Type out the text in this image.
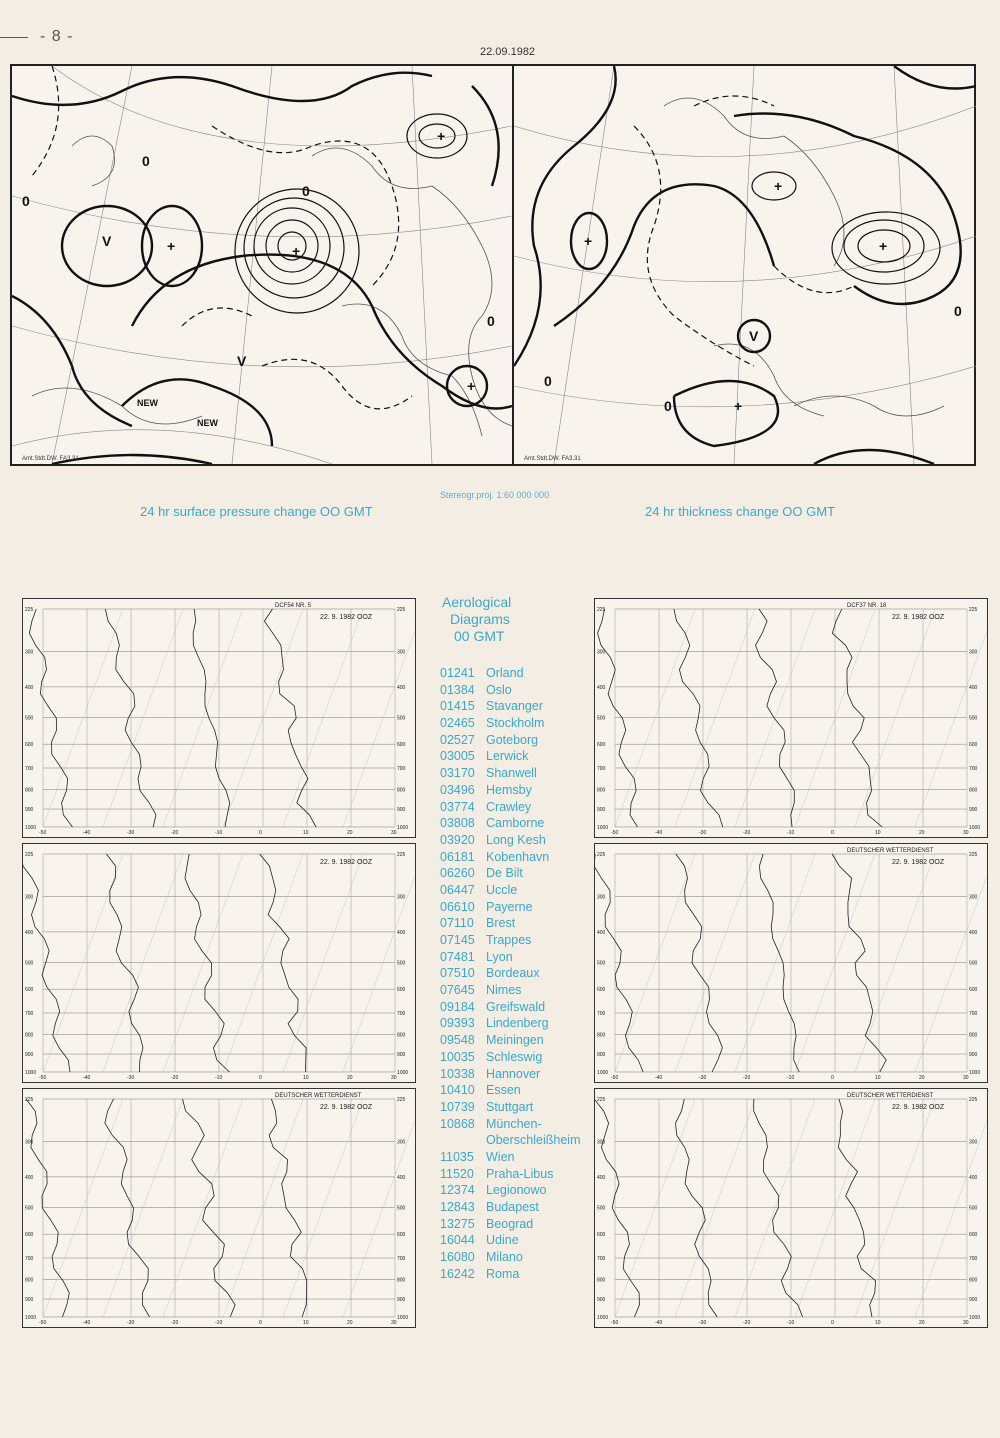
- 8 -
22.09.1982
V	+	+
+
V
+
NEW
NEW
0
0
0
0
Amt.Stdt.DW. FA3.31
+
V
+
+
+
0
0
0
Amt.Stdt.DW. FA3.31
24 hr surface pressure change OO GMT
Stereogr.proj. 1:60 000 000
24 hr thickness change OO GMT
225	225
300	300
400	400
500	500
600	600
700	700
800	800
900	900
1000	1000
-50	-40	-30	-20	-10	0	10	20	30
DCF54 NR. 5
22. 9. 1982 OOZ
225	225
300	300
400	400
500	500
600	600
700	700
800	800
900	900
1000	1000
-50	-40	-30	-20	-10	0	10	20	30
22. 9. 1982 OOZ
225	225
300	300
400	400
500	500
600	600
700	700
800	800
900	900
1000	1000
-50	-40	-30	-20	-10	0	10	20	30
DEUTSCHER WETTERDIENST
22. 9. 1982 OOZ
225	225
300	300
400	400
500	500
600	600
700	700
800	800
900	900
1000	1000
-50	-40	-30	-20	-10	0	10	20	30
DCF37 NR. 18
22. 9. 1982 OOZ
225	225
300	300
400	400
500	500
600	600
700	700
800	800
900	900
1000	1000
-50	-40	-30	-20	-10	0	10	20	30
DEUTSCHER WETTERDIENST
22. 9. 1982 OOZ
225	225
300	300
400	400
500	500
600	600
700	700
800	800
900	900
1000	1000
-50	-40	-30	-20	-10	0	10	20	30
DEUTSCHER WETTERDIENST
22. 9. 1982 OOZ
Aerological
Diagrams
00 GMT
01241 Orland
01384 Oslo
01415 Stavanger
02465 Stockholm
02527 Goteborg
03005 Lerwick
03170 Shanwell
03496 Hemsby
03774 Crawley
03808 Camborne
03920 Long Kesh
06181 Kobenhavn
06260 De Bilt
06447 Uccle
06610 Payerne
07110 Brest
07145 Trappes
07481 Lyon
07510 Bordeaux
07645 Nimes
09184 Greifswald
09393 Lindenberg
09548 Meiningen
10035 Schleswig
10338 Hannover
10410 Essen
10739 Stuttgart
10868 München-
Oberschleißheim
11035 Wien
11520 Praha-Libus
12374 Legionowo
12843 Budapest
13275 Beograd
16044 Udine
16080 Milano
16242 Roma
